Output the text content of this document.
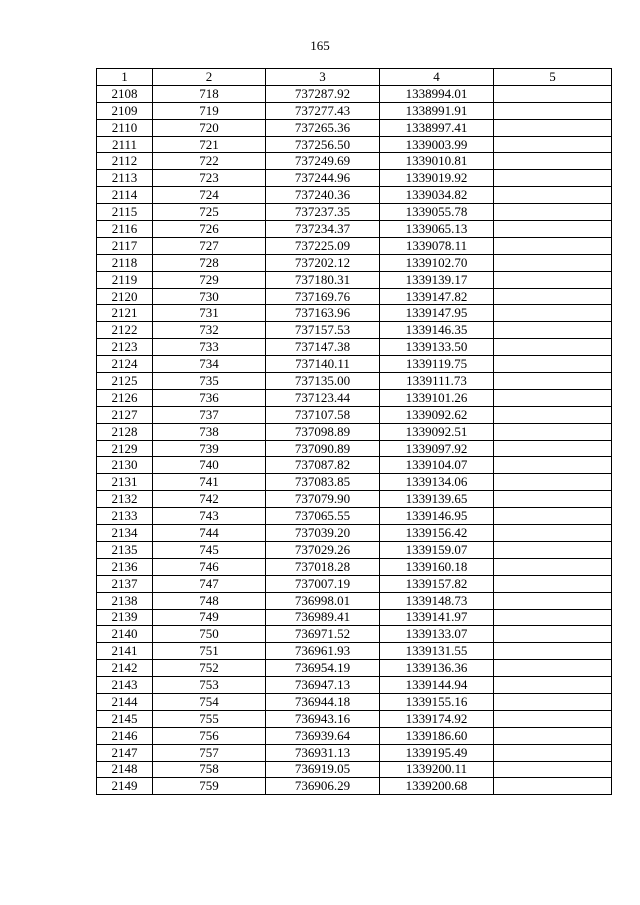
165
1	2	3	4	5
2108	718	737287.92	1338994.01	
2109	719	737277.43	1338991.91	
2110	720	737265.36	1338997.41	
2111	721	737256.50	1339003.99	
2112	722	737249.69	1339010.81	
2113	723	737244.96	1339019.92	
2114	724	737240.36	1339034.82	
2115	725	737237.35	1339055.78	
2116	726	737234.37	1339065.13	
2117	727	737225.09	1339078.11	
2118	728	737202.12	1339102.70	
2119	729	737180.31	1339139.17	
2120	730	737169.76	1339147.82	
2121	731	737163.96	1339147.95	
2122	732	737157.53	1339146.35	
2123	733	737147.38	1339133.50	
2124	734	737140.11	1339119.75	
2125	735	737135.00	1339111.73	
2126	736	737123.44	1339101.26	
2127	737	737107.58	1339092.62	
2128	738	737098.89	1339092.51	
2129	739	737090.89	1339097.92	
2130	740	737087.82	1339104.07	
2131	741	737083.85	1339134.06	
2132	742	737079.90	1339139.65	
2133	743	737065.55	1339146.95	
2134	744	737039.20	1339156.42	
2135	745	737029.26	1339159.07	
2136	746	737018.28	1339160.18	
2137	747	737007.19	1339157.82	
2138	748	736998.01	1339148.73	
2139	749	736989.41	1339141.97	
2140	750	736971.52	1339133.07	
2141	751	736961.93	1339131.55	
2142	752	736954.19	1339136.36	
2143	753	736947.13	1339144.94	
2144	754	736944.18	1339155.16	
2145	755	736943.16	1339174.92	
2146	756	736939.64	1339186.60	
2147	757	736931.13	1339195.49	
2148	758	736919.05	1339200.11	
2149	759	736906.29	1339200.68	
